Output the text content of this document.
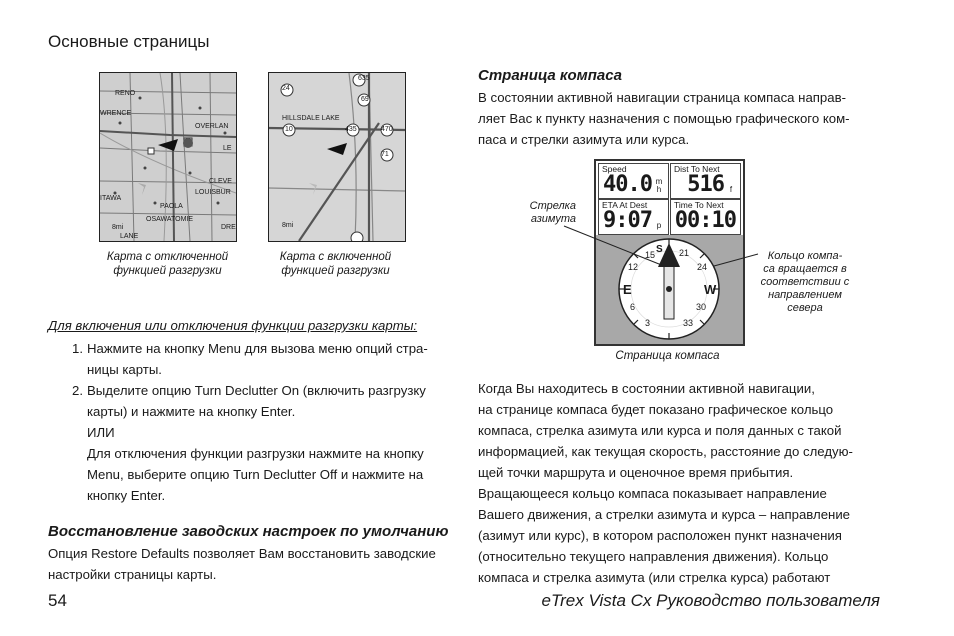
Основные страницы
RENO
WRENCE
OVERLAN
LE
CLEVE
LOUISBUR
PAOLA
OSAWATOMIE
LANE
DRE
8mi
ITAWA
Карта с отключенной
функцией разгрузки
HILLSDALE LAKE
8mi
24
635
69
10	435	470
71
Карта с включенной
функцией разгрузки
Для включения или отключения функции разгрузки карты:
1. Нажмите на кнопку Menu для вызова меню опций стра-
ницы карты.
2. Выделите опцию Turn Declutter On (включить разгрузку
карты) и нажмите на кнопку Enter.
ИЛИ
Для отключения функции разгрузки нажмите на кнопку
Menu, выберите опцию Turn Declutter Off и нажмите на
кнопку Enter.
Восстановление заводских настроек по умолчанию
Опция Restore Defaults позволяет Вам восстановить заводские
настройки страницы карты.
Страница компаса
В состоянии активной навигации страница компаса направ-
ляет Вас к пункту назначения с помощью графического ком-
паса и стрелки азимута или курса.
Speed
40.0 m h
Dist To Next
516 f
ETA At Dest
9:07 p
Time To Next
00:10
E	W
S
15	21
24
30
33
3
6
12
Стрелка
азимута
Кольцо компа-
са вращается в
соответствии с
направлением
севера
Страница компаса
Когда Вы находитесь в состоянии активной навигации,
на странице компаса будет показано графическое кольцо
компаса, стрелка азимута или курса и поля данных с такой
информацией, как текущая скорость, расстояние до следую-
щей точки маршрута и оценочное время прибытия.
Вращающееся кольцо компаса показывает направление
Вашего движения, а стрелки азимута и курса – направление
(азимут или курс), в котором расположен пункт назначения
(относительно текущего направления движения). Кольцо
компаса и стрелка азимута (или стрелка курса) работают
54	eTrex Vista Cx Руководство пользователя
